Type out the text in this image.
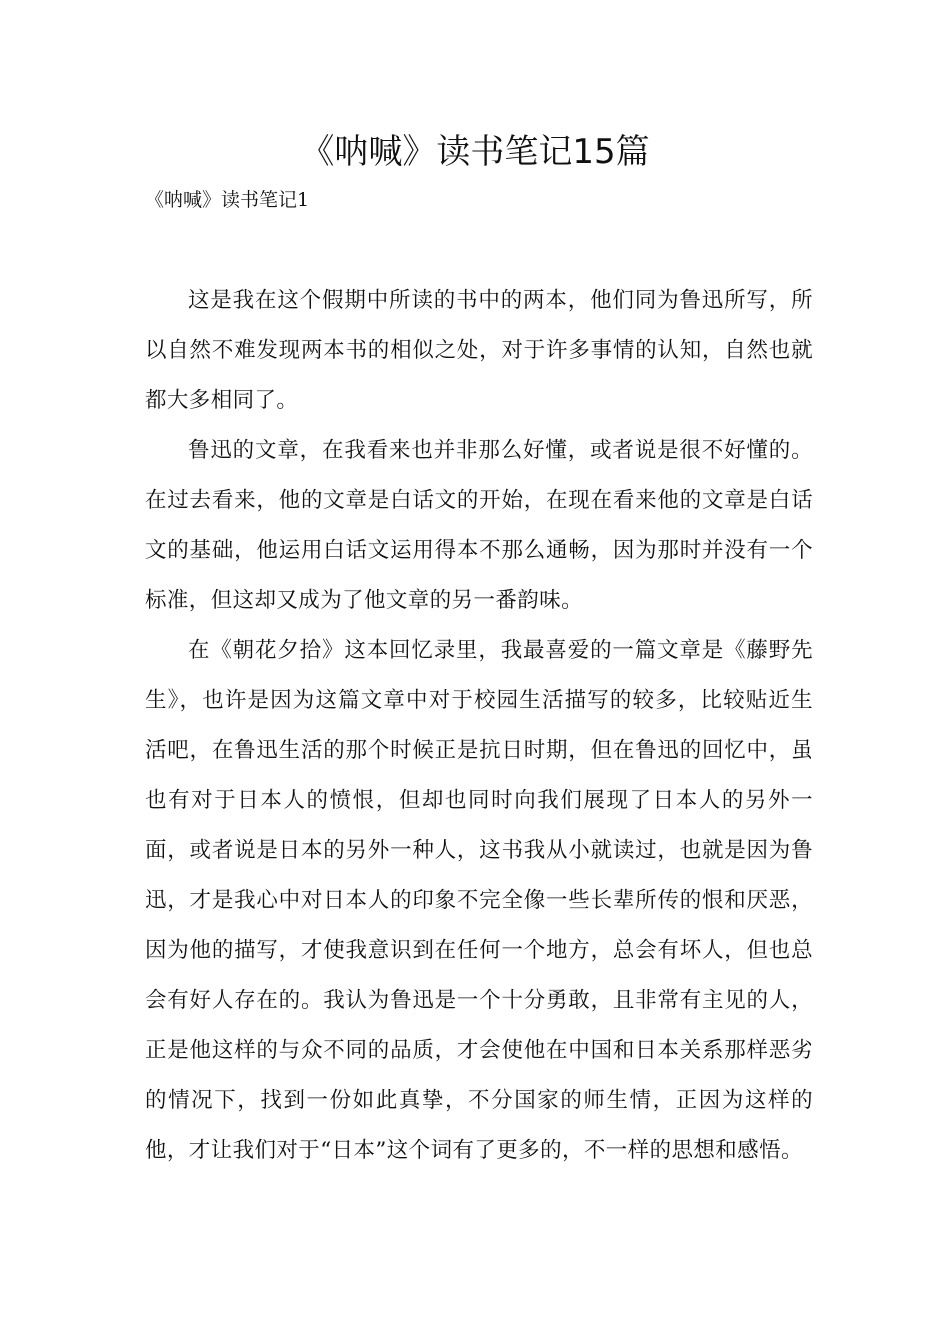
《呐喊》读书笔记15篇
《呐喊》读书笔记1

这是我在这个假期中所读的书中的两本，他们同为鲁迅所写，所以自然不难发现两本书的相似之处，对于许多事情的认知，自然也就都大多相同了。

鲁迅的文章，在我看来也并非那么好懂，或者说是很不好懂的。在过去看来，他的文章是白话文的开始，在现在看来他的文章是白话文的基础，他运用白话文运用得本不那么通畅，因为那时并没有一个标准，但这却又成为了他文章的另一番韵味。

在《朝花夕拾》这本回忆录里，我最喜爱的一篇文章是《藤野先生》，也许是因为这篇文章中对于校园生活描写的较多，比较贴近生活吧，在鲁迅生活的那个时候正是抗日时期，但在鲁迅的回忆中，虽也有对于日本人的愤恨，但却也同时向我们展现了日本人的另外一面，或者说是日本的另外一种人，这书我从小就读过，也就是因为鲁迅，才是我心中对日本人的印象不完全像一些长辈所传的恨和厌恶，因为他的描写，才使我意识到在任何一个地方，总会有坏人，但也总会有好人存在的。我认为鲁迅是一个十分勇敢，且非常有主见的人，正是他这样的与众不同的品质，才会使他在中国和日本关系那样恶劣的情况下，找到一份如此真挚，不分国家的师生情，正因为这样的他，才让我们对于“日本”这个词有了更多的，不一样的思想和感悟。
